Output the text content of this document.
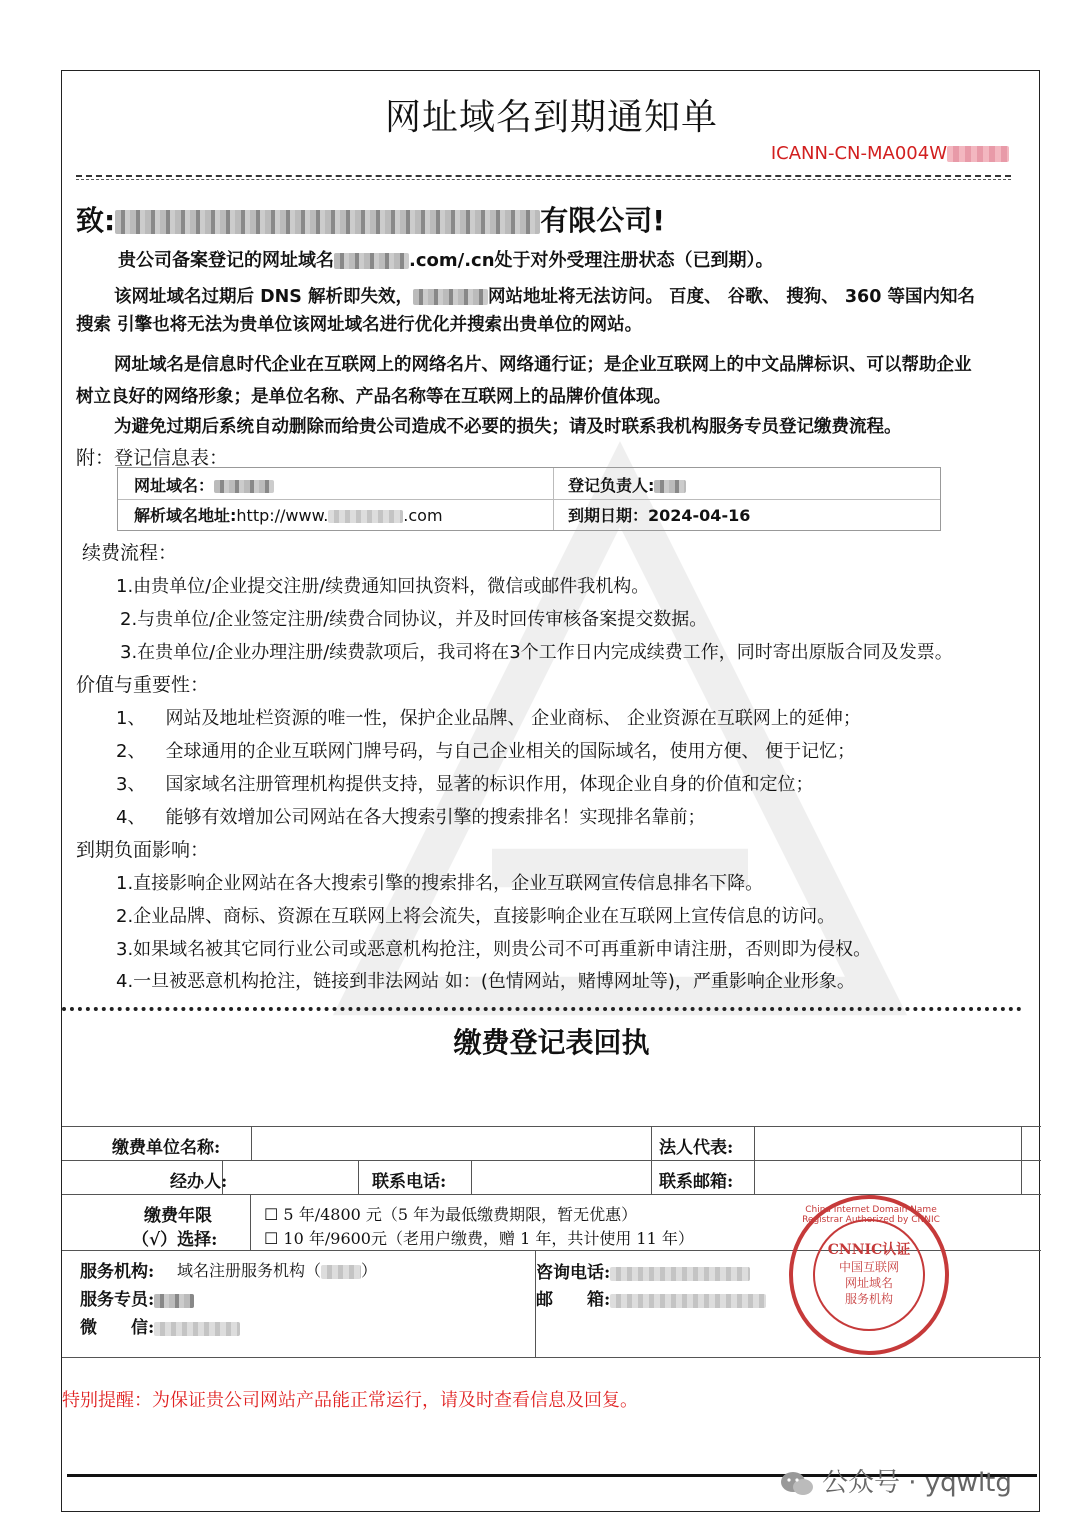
网址域名到期通知单
ICANN-CN-MA004W
致:	有限公司!
贵公司备案登记的网址域名	.com/.cn处于对外受理注册状态（已到期）。
该网址域名过期后 DNS 解析即失效，	网站地址将无法访问。 百度、 谷歌、 搜狗、 360 等国内知名
搜索 引擎也将无法为贵单位该网址域名进行优化并搜索出贵单位的网站。
网址域名是信息时代企业在互联网上的网络名片、网络通行证；是企业互联网上的中文品牌标识、可以帮助企业
树立良好的网络形象；是单位名称、产品名称等在互联网上的品牌价值体现。
为避免过期后系统自动删除而给贵公司造成不必要的损失；请及时联系我机构服务专员登记缴费流程。
附：登记信息表：
网址域名：	登记负责人:
解析域名地址:http://www.	.com	到期日期：2024-04-16
续费流程：
1.由贵单位/企业提交注册/续费通知回执资料，微信或邮件我机构。
2.与贵单位/企业签定注册/续费合同协议，并及时回传审核备案提交数据。
3.在贵单位/企业办理注册/续费款项后，我司将在3个工作日内完成续费工作，同时寄出原版合同及发票。
价值与重要性：
1、 网站及地址栏资源的唯一性，保护企业品牌、 企业商标、 企业资源在互联网上的延伸；
2、 全球通用的企业互联网门牌号码，与自己企业相关的国际域名，使用方便、 便于记忆；
3、 国家域名注册管理机构提供支持，显著的标识作用，体现企业自身的价值和定位；
4、 能够有效增加公司网站在各大搜索引擎的搜索排名！实现排名靠前；
到期负面影响：
1.直接影响企业网站在各大搜索引擎的搜索排名，企业互联网宣传信息排名下降。
2.企业品牌、商标、资源在互联网上将会流失，直接影响企业在互联网上宣传信息的访问。
3.如果域名被其它同行业公司或恶意机构抢注，则贵公司不可再重新申请注册，否则即为侵权。
4.一旦被恶意机构抢注，链接到非法网站 如：(色情网站，赌博网址等)，严重影响企业形象。
缴费登记表回执
缴费单位名称:	法人代表:
经办人:	联系电话:	联系邮箱:
缴费年限
（√）选择:
☐ 5 年/4800 元（5 年为最低缴费期限，暂无优惠）
☐ 10 年/9600元（老用户缴费，赠 1 年，共计使用 11 年）
服务机构: 域名注册服务机构（	）
服务专员:
微　　信:
咨询电话:
邮　　箱:
China Internet Domain Name Registrar Authorized by CNNIC
CNNIC认证
中国互联网
网址域名
服务机构
特别提醒：为保证贵公司网站产品能正常运行，请及时查看信息及回复。
公众号 · yqwltg
